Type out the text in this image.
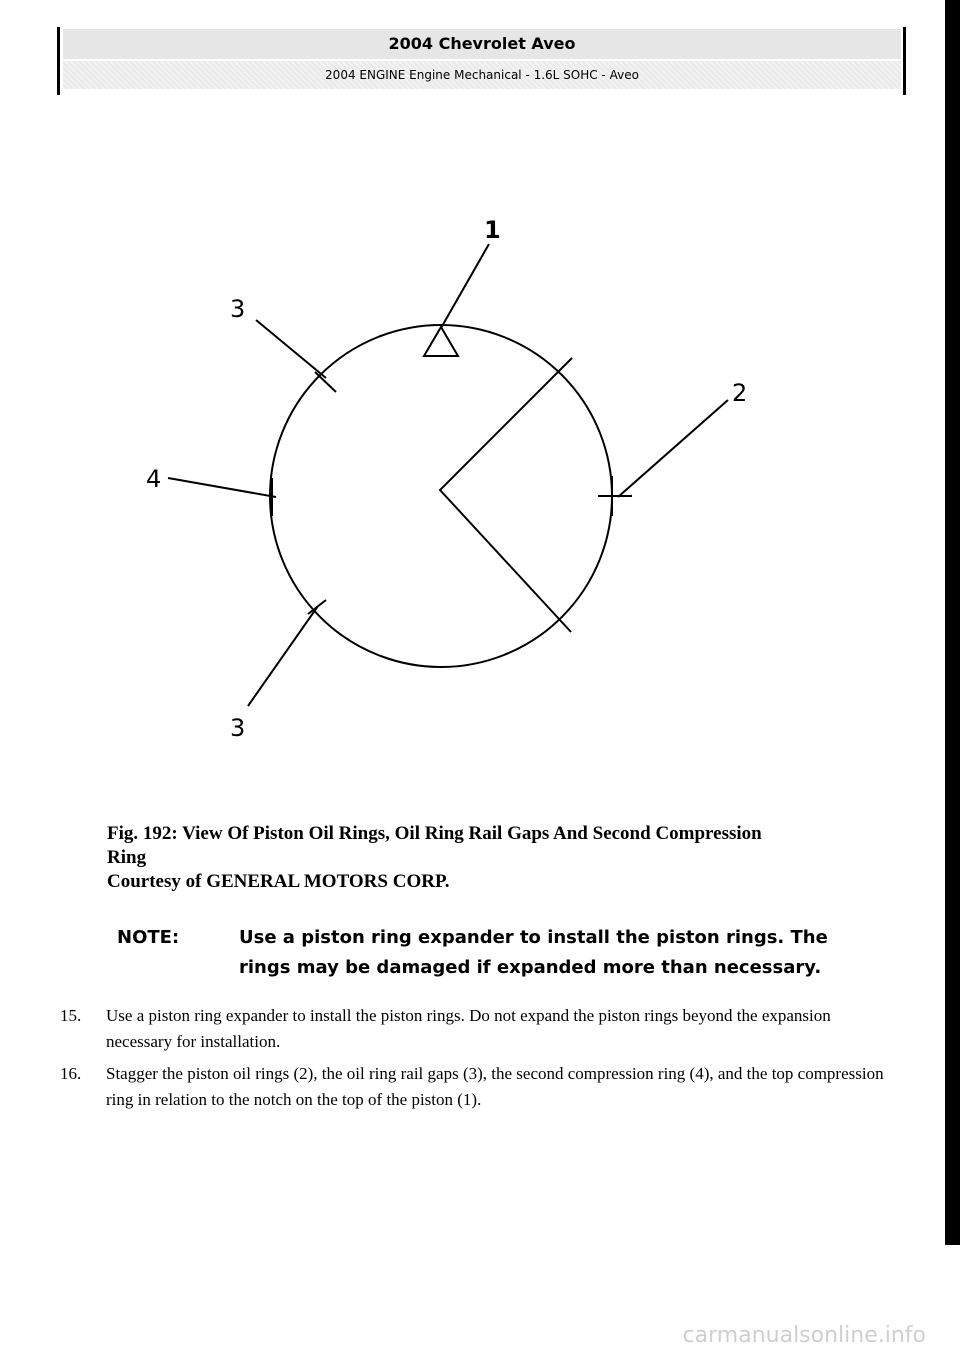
2004 Chevrolet Aveo
2004 ENGINE Engine Mechanical - 1.6L SOHC - Aveo
1
2
3
4
3
Fig. 192: View Of Piston Oil Rings, Oil Ring Rail Gaps And Second Compression
Ring
Courtesy of GENERAL MOTORS CORP.
NOTE:	Use a piston ring expander to install the piston rings. The rings may be damaged if expanded more than necessary.
15. Use a piston ring expander to install the piston rings. Do not expand the piston rings beyond the expansion necessary for installation.
16. Stagger the piston oil rings (2), the oil ring rail gaps (3), the second compression ring (4), and the top compression ring in relation to the notch on the top of the piston (1).
carmanualsonline.info
